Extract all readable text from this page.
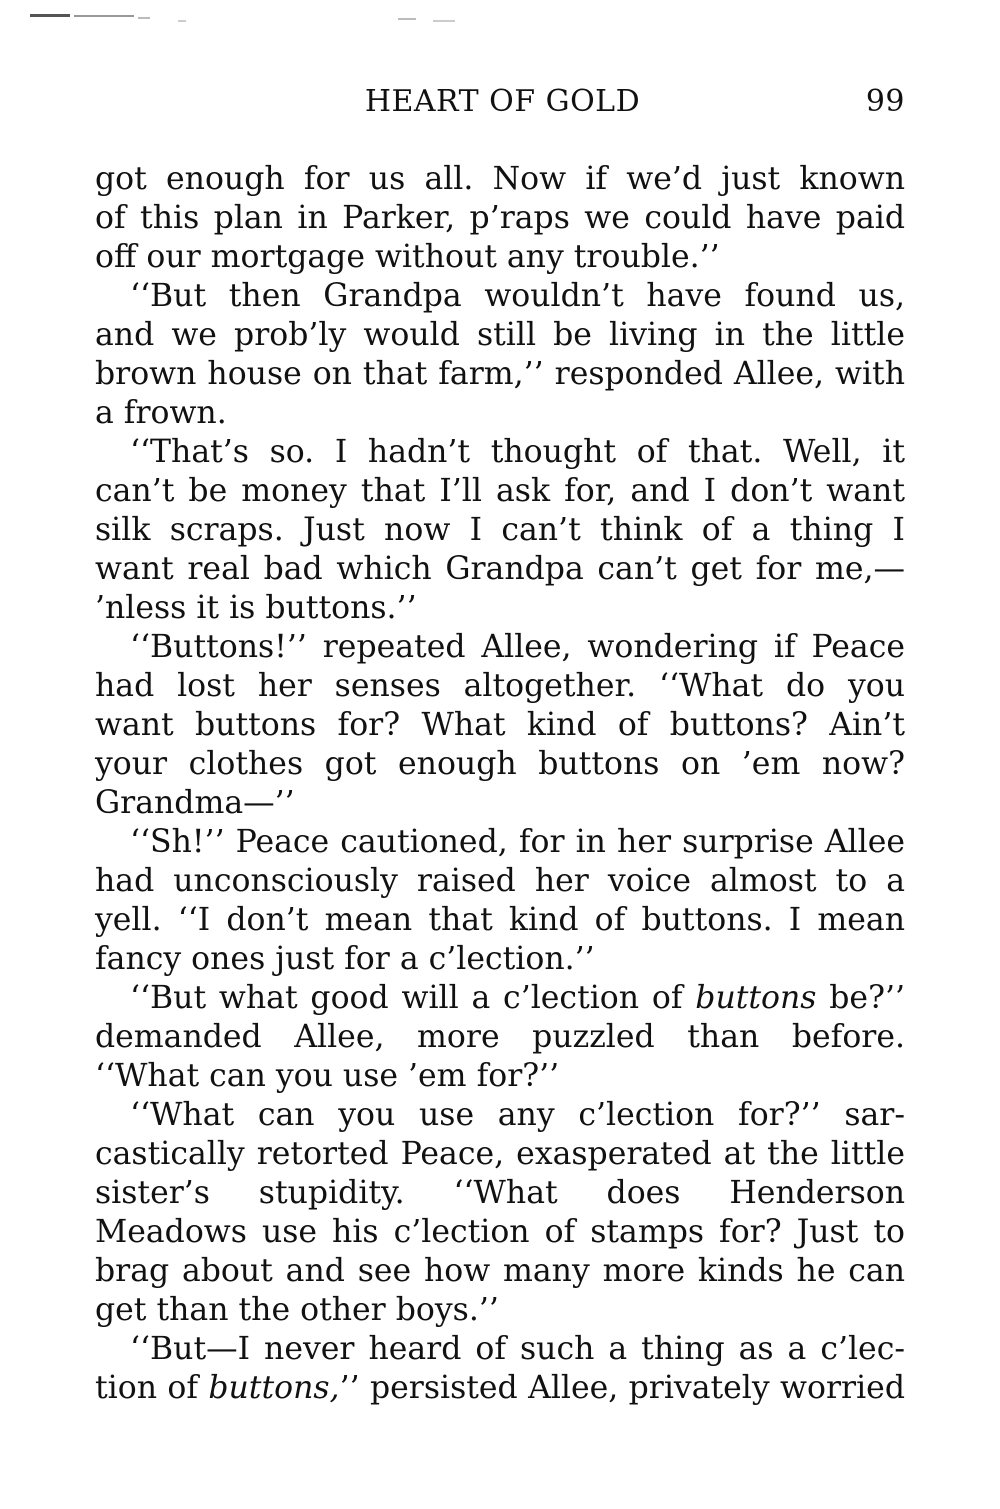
HEART OF GOLD	99
got enough for us all. Now if we’d just known
of this plan in Parker, p’raps we could have paid
off our mortgage without any trouble.’’
‘‘But then Grandpa wouldn’t have found us,
and we prob’ly would still be living in the little
brown house on that farm,’’ responded Allee, with
a frown.
‘‘That’s so. I hadn’t thought of that. Well, it
can’t be money that I’ll ask for, and I don’t want
silk scraps. Just now I can’t think of a thing I
want real bad which Grandpa can’t get for me,—
’nless it is buttons.’’
‘‘Buttons!’’ repeated Allee, wondering if Peace
had lost her senses altogether. ‘‘What do you
want buttons for? What kind of buttons? Ain’t
your clothes got enough buttons on ’em now?
Grandma—’’
‘‘Sh!’’ Peace cautioned, for in her surprise Allee
had unconsciously raised her voice almost to a
yell. ‘‘I don’t mean that kind of buttons. I mean
fancy ones just for a c’lection.’’
‘‘But what good will a c’lection of buttons be?’’
demanded Allee, more puzzled than before.
‘‘What can you use ’em for?’’
‘‘What can you use any c’lection for?’’ sar-
castically retorted Peace, exasperated at the little
sister’s stupidity. ‘‘What does Henderson
Meadows use his c’lection of stamps for? Just to
brag about and see how many more kinds he can
get than the other boys.’’
‘‘But—I never heard of such a thing as a c’lec-
tion of buttons,’’ persisted Allee, privately worried
